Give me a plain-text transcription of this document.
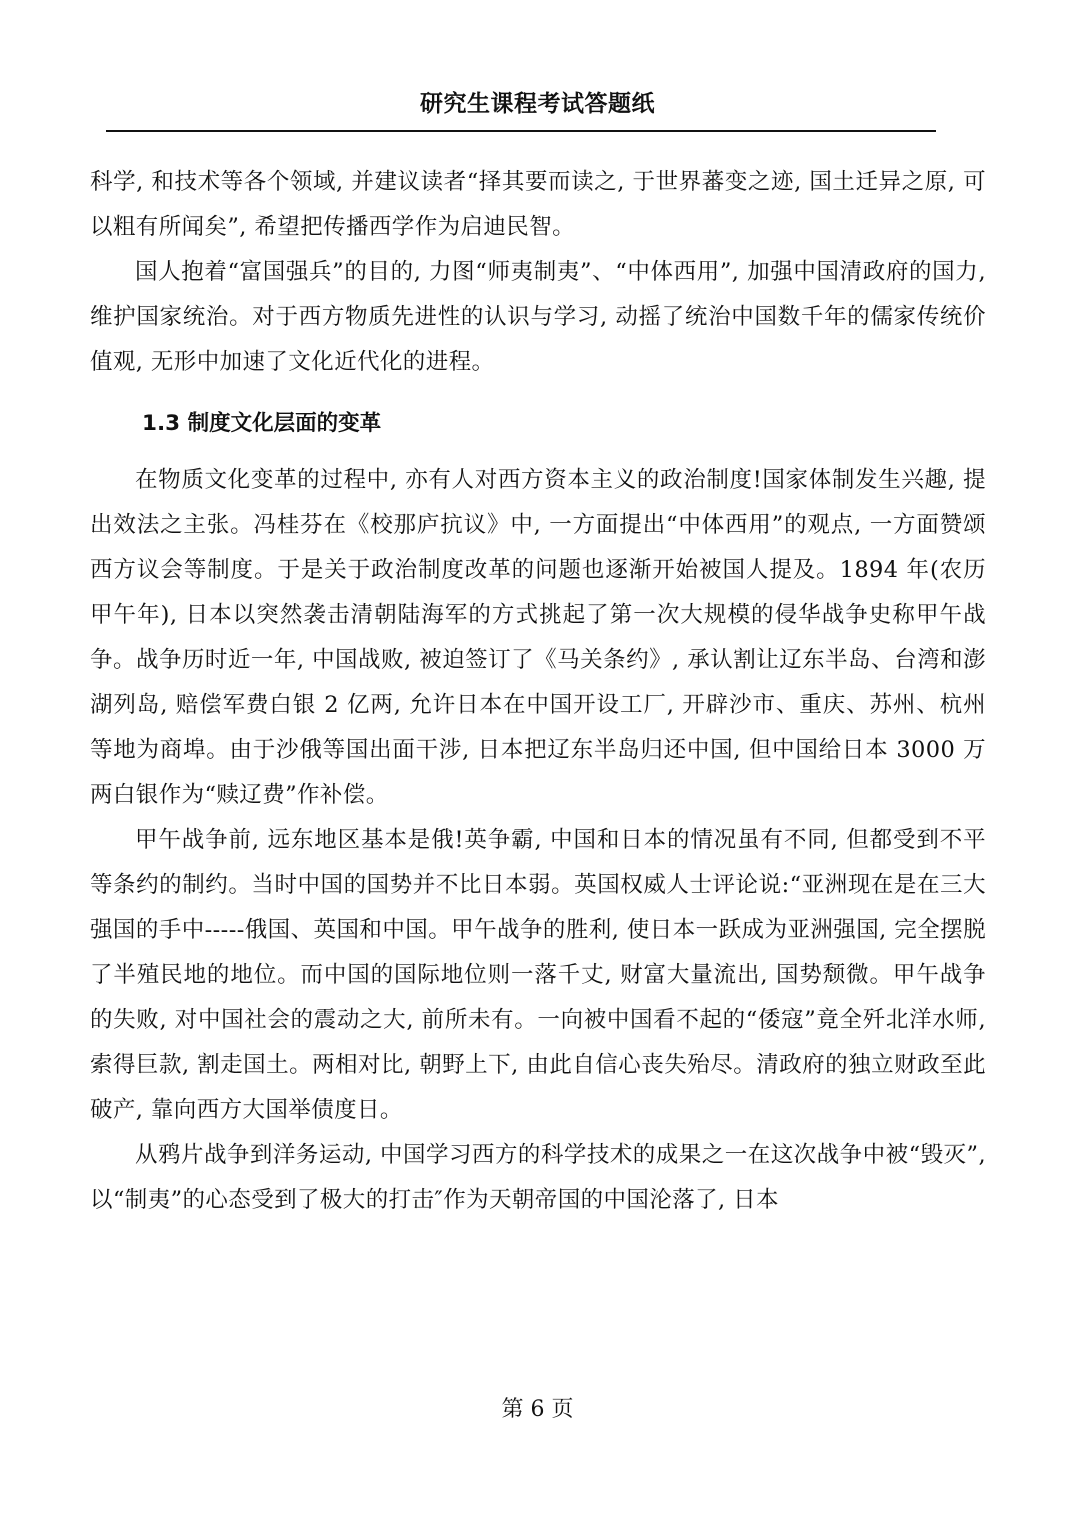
研究生课程考试答题纸

科学, 和技术等各个领域, 并建议读者“择其要而读之, 于世界蕃变之迹, 国土迁异之原, 可以粗有所闻矣”, 希望把传播西学作为启迪民智。

国人抱着“富国强兵”的目的, 力图“师夷制夷”、“中体西用”, 加强中国清政府的国力, 维护国家统治。对于西方物质先进性的认识与学习, 动摇了统治中国数千年的儒家传统价值观, 无形中加速了文化近代化的进程。

1.3 制度文化层面的变革

在物质文化变革的过程中, 亦有人对西方资本主义的政治制度!国家体制发生兴趣, 提出效法之主张。冯桂芬在《校那庐抗议》中, 一方面提出“中体西用”的观点, 一方面赞颂西方议会等制度。于是关于政治制度改革的问题也逐渐开始被国人提及。1894 年(农历甲午年), 日本以突然袭击清朝陆海军的方式挑起了第一次大规模的侵华战争史称甲午战争。战争历时近一年, 中国战败, 被迫签订了《马关条约》, 承认割让辽东半岛、台湾和澎湖列岛, 赔偿军费白银 2 亿两, 允许日本在中国开设工厂, 开辟沙市、重庆、苏州、杭州等地为商埠。由于沙俄等国出面干涉, 日本把辽东半岛归还中国, 但中国给日本 3000 万两白银作为“赎辽费”作补偿。

甲午战争前, 远东地区基本是俄!英争霸, 中国和日本的情况虽有不同, 但都受到不平等条约的制约。当时中国的国势并不比日本弱。英国权威人士评论说:“亚洲现在是在三大强国的手中-----俄国、英国和中国。甲午战争的胜利, 使日本一跃成为亚洲强国, 完全摆脱了半殖民地的地位。而中国的国际地位则一落千丈, 财富大量流出, 国势颓微。甲午战争的失败, 对中国社会的震动之大, 前所未有。一向被中国看不起的“倭寇”竟全歼北洋水师, 索得巨款, 割走国土。两相对比, 朝野上下, 由此自信心丧失殆尽。清政府的独立财政至此破产, 靠向西方大国举债度日。

从鸦片战争到洋务运动, 中国学习西方的科学技术的成果之一在这次战争中被“毁灭”, 以“制夷”的心态受到了极大的打击″作为天朝帝国的中国沦落了, 日本

第 6 页
